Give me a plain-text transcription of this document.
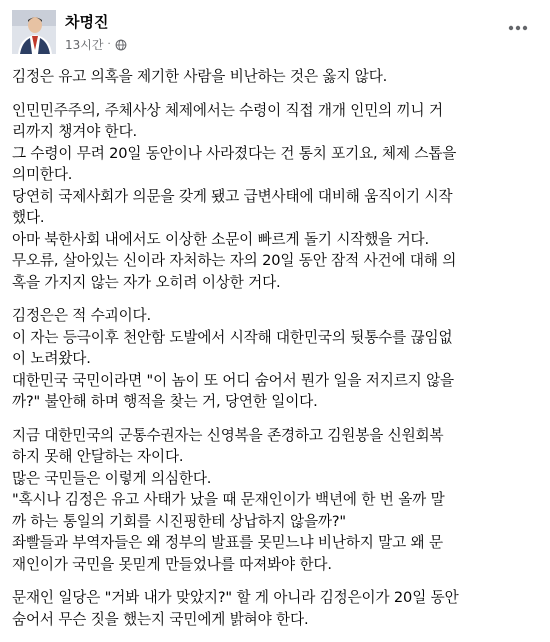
차명진
13시간 ·
김정은 유고 의혹을 제기한 사람을 비난하는 것은 옳지 않다.
인민민주주의, 주체사상 체제에서는 수령이 직접 개개 인민의 끼니 거
리까지 챙겨야 한다.
그 수령이 무려 20일 동안이나 사라졌다는 건 통치 포기요, 체제 스톱을
의미한다.
당연히 국제사회가 의문을 갖게 됐고 급변사태에 대비해 움직이기 시작
했다.
아마 북한사회 내에서도 이상한 소문이 빠르게 돌기 시작했을 거다.
무오류, 살아있는 신이라 자처하는 자의 20일 동안 잠적 사건에 대해 의
혹을 가지지 않는 자가 오히려 이상한 거다.
김정은은 적 수괴이다.
이 자는 등극이후 천안함 도발에서 시작해 대한민국의 뒷통수를 끊임없
이 노려왔다.
대한민국 국민이라면 "이 놈이 또 어디 숨어서 뭔가 일을 저지르지 않을
까?" 불안해 하며 행적을 찾는 거, 당연한 일이다.
지금 대한민국의 군통수권자는 신영복을 존경하고 김원봉을 신원회복
하지 못해 안달하는 자이다.
많은 국민들은 이렇게 의심한다.
"혹시나 김정은 유고 사태가 났을 때 문재인이가 백년에 한 번 올까 말
까 하는 통일의 기회를 시진핑한테 상납하지 않을까?"
좌빨들과 부역자들은 왜 정부의 발표를 못믿느냐 비난하지 말고 왜 문
재인이가 국민을 못믿게 만들었나를 따져봐야 한다.
문재인 일당은 "거봐 내가 맞았지?" 할 게 아니라 김정은이가 20일 동안
숨어서 무슨 짓을 했는지 국민에게 밝혀야 한다.
